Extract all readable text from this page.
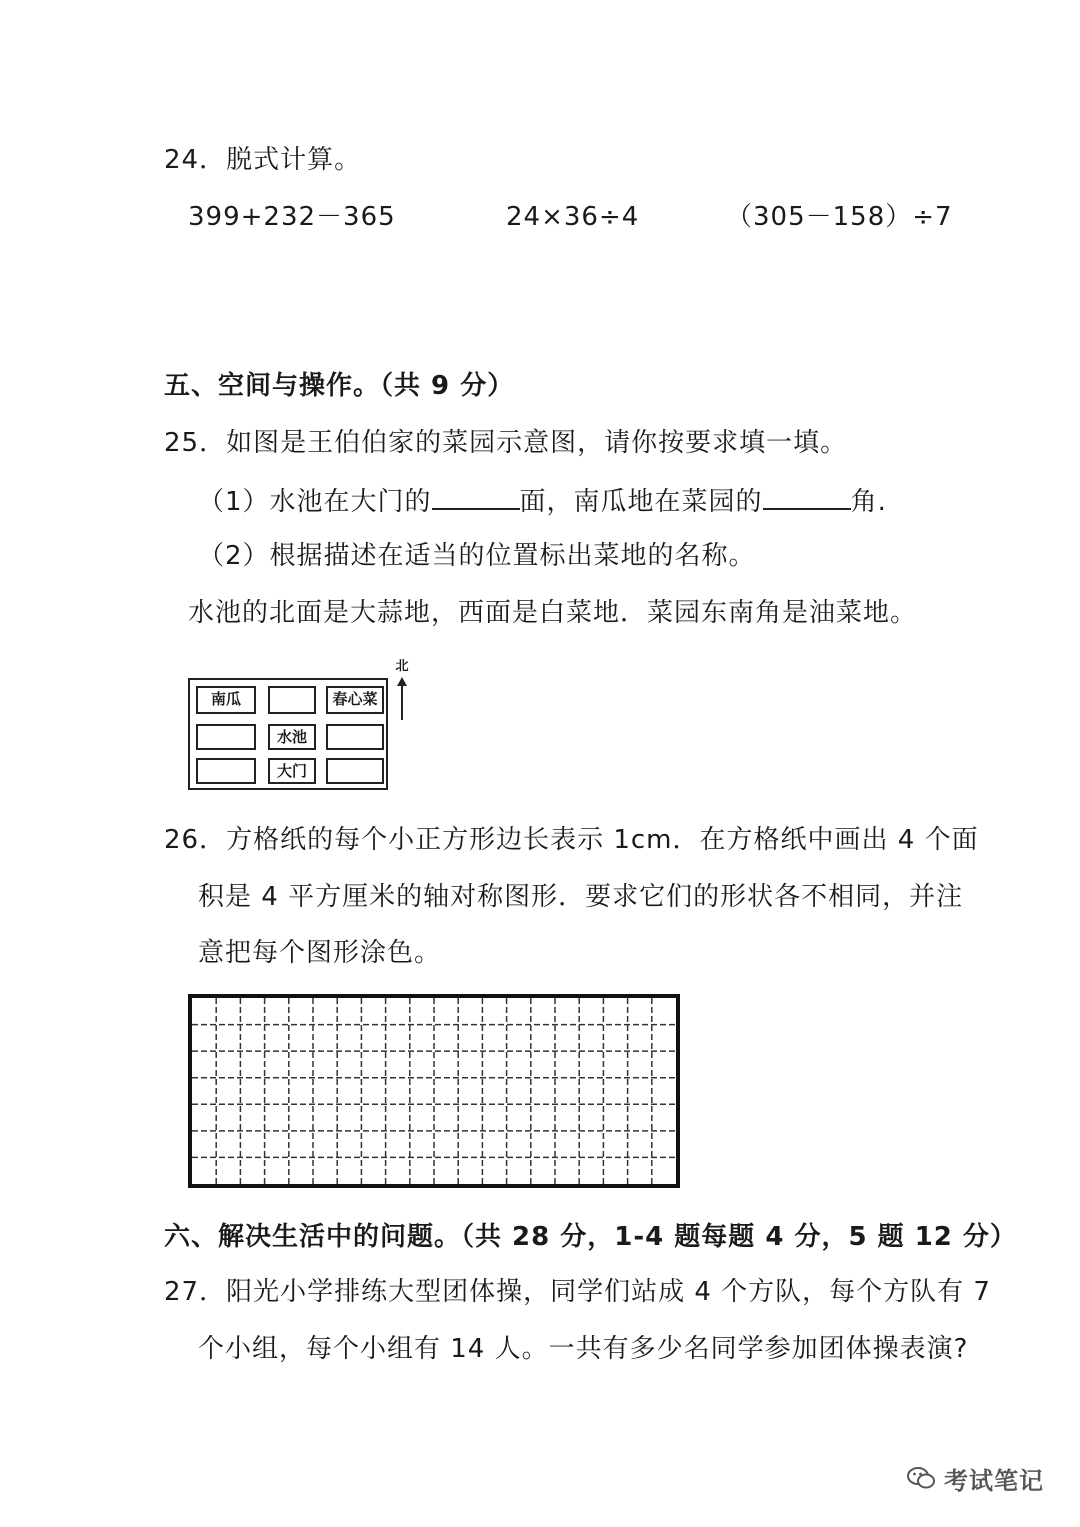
24．脱式计算。
399+232－365	24×36÷4	（305－158）÷7
五、空间与操作。（共 9 分）
25．如图是王伯伯家的菜园示意图，请你按要求填一填。
（1）水池在大门的	面，南瓜地在菜园的	角.
（2）根据描述在适当的位置标出菜地的名称。
水池的北面是大蒜地，西面是白菜地．菜园东南角是油菜地。
南瓜	春心菜
水池
大门
北
26．方格纸的每个小正方形边长表示 1cm．在方格纸中画出 4 个面
积是 4 平方厘米的轴对称图形．要求它们的形状各不相同，并注
意把每个图形涂色。
六、解决生活中的问题。（共 28 分，1-4 题每题 4 分，5 题 12 分）
27．阳光小学排练大型团体操，同学们站成 4 个方队，每个方队有 7
个小组，每个小组有 14 人。一共有多少名同学参加团体操表演?
考试笔记
